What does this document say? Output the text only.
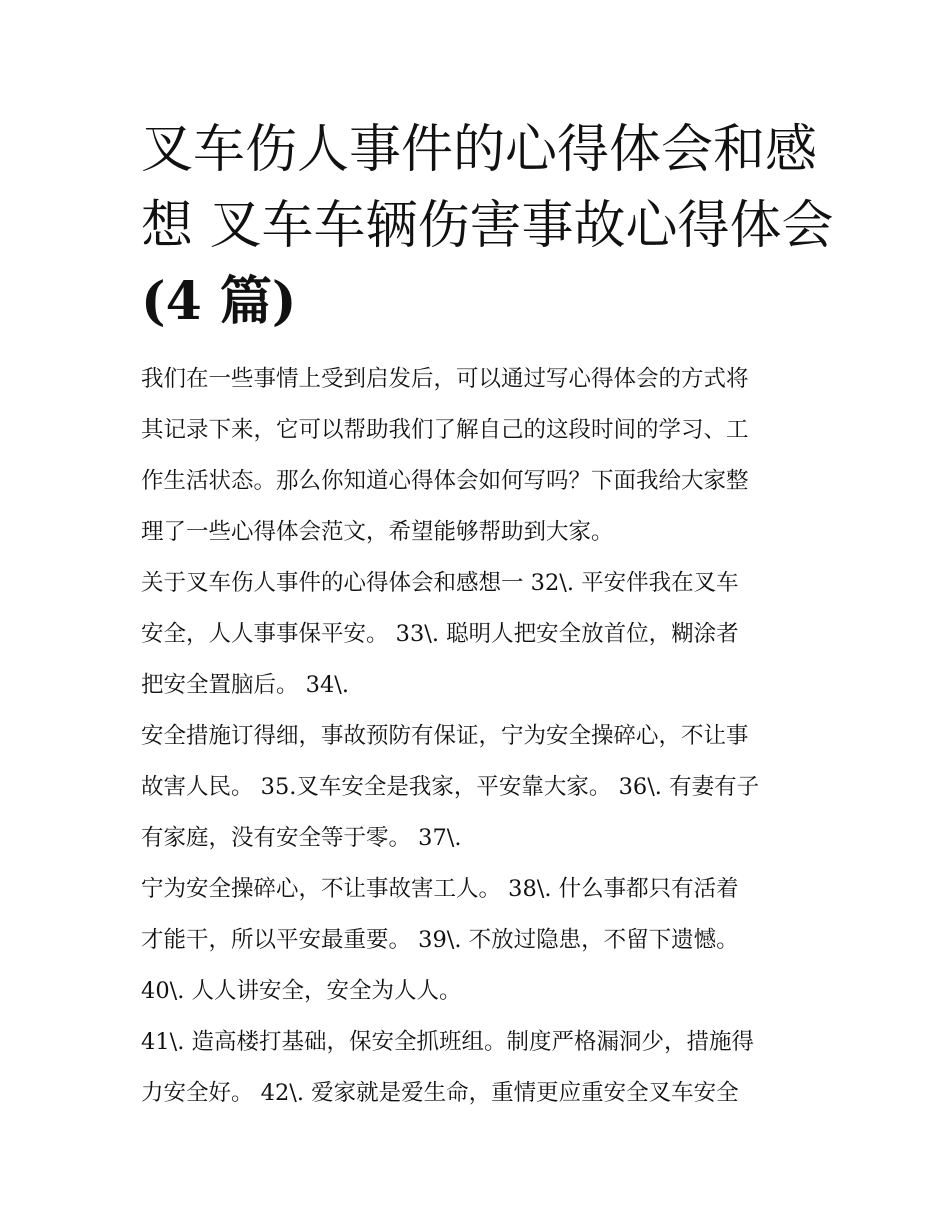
叉车伤人事件的心得体会和感
想 叉车车辆伤害事故心得体会
(4 篇)

我们在一些事情上受到启发后，可以通过写心得体会的方式将
其记录下来，它可以帮助我们了解自己的这段时间的学习、工
作生活状态。那么你知道心得体会如何写吗？下面我给大家整
理了一些心得体会范文，希望能够帮助到大家。

关于叉车伤人事件的心得体会和感想一 32\. 平安伴我在叉车
安全，人人事事保平安。 33\. 聪明人把安全放首位，糊涂者
把安全置脑后。 34\.

安全措施订得细，事故预防有保证，宁为安全操碎心，不让事
故害人民。 35.叉车安全是我家，平安靠大家。 36\. 有妻有子
有家庭，没有安全等于零。 37\.

宁为安全操碎心，不让事故害工人。 38\. 什么事都只有活着
才能干，所以平安最重要。 39\. 不放过隐患，不留下遗憾。
40\. 人人讲安全，安全为人人。

41\. 造高楼打基础，保安全抓班组。制度严格漏洞少，措施得
力安全好。 42\. 爱家就是爱生命，重情更应重安全叉车安全
